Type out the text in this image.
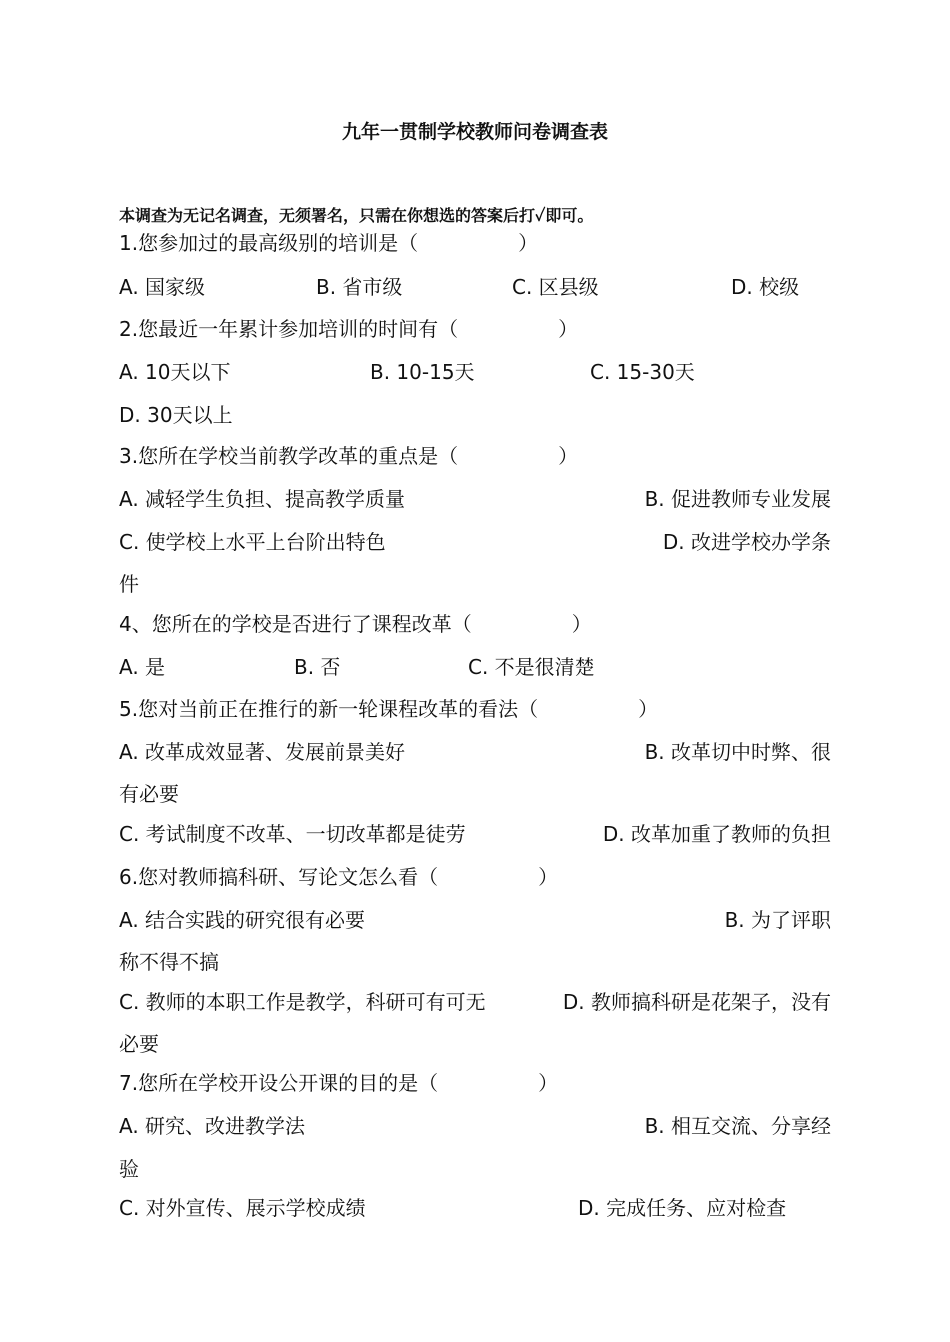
九年一贯制学校教师问卷调查表
本调查为无记名调查，无须署名，只需在你想选的答案后打✓即可。
1.您参加过的最高级别的培训是（　　　　　）
A. 国家级	B. 省市级	C. 区县级	D. 校级
2.您最近一年累计参加培训的时间有（　　　　　）
A. 10天以下	B. 10-15天	C. 15-30天
D. 30天以上
3.您所在学校当前教学改革的重点是（　　　　　）
A. 减轻学生负担、提高教学质量	B. 促进教师专业发展
C. 使学校上水平上台阶出特色	D. 改进学校办学条
件
4、您所在的学校是否进行了课程改革（　　　　　）
A. 是	B. 否	C. 不是很清楚
5.您对当前正在推行的新一轮课程改革的看法（　　　　　）
A. 改革成效显著、发展前景美好	B. 改革切中时弊、很
有必要
C. 考试制度不改革、一切改革都是徒劳	D. 改革加重了教师的负担
6.您对教师搞科研、写论文怎么看（　　　　　）
A. 结合实践的研究很有必要	B. 为了评职
称不得不搞
C. 教师的本职工作是教学，科研可有可无	D. 教师搞科研是花架子，没有
必要
7.您所在学校开设公开课的目的是（　　　　　）
A. 研究、改进教学法	B. 相互交流、分享经
验
C. 对外宣传、展示学校成绩	D. 完成任务、应对检查
